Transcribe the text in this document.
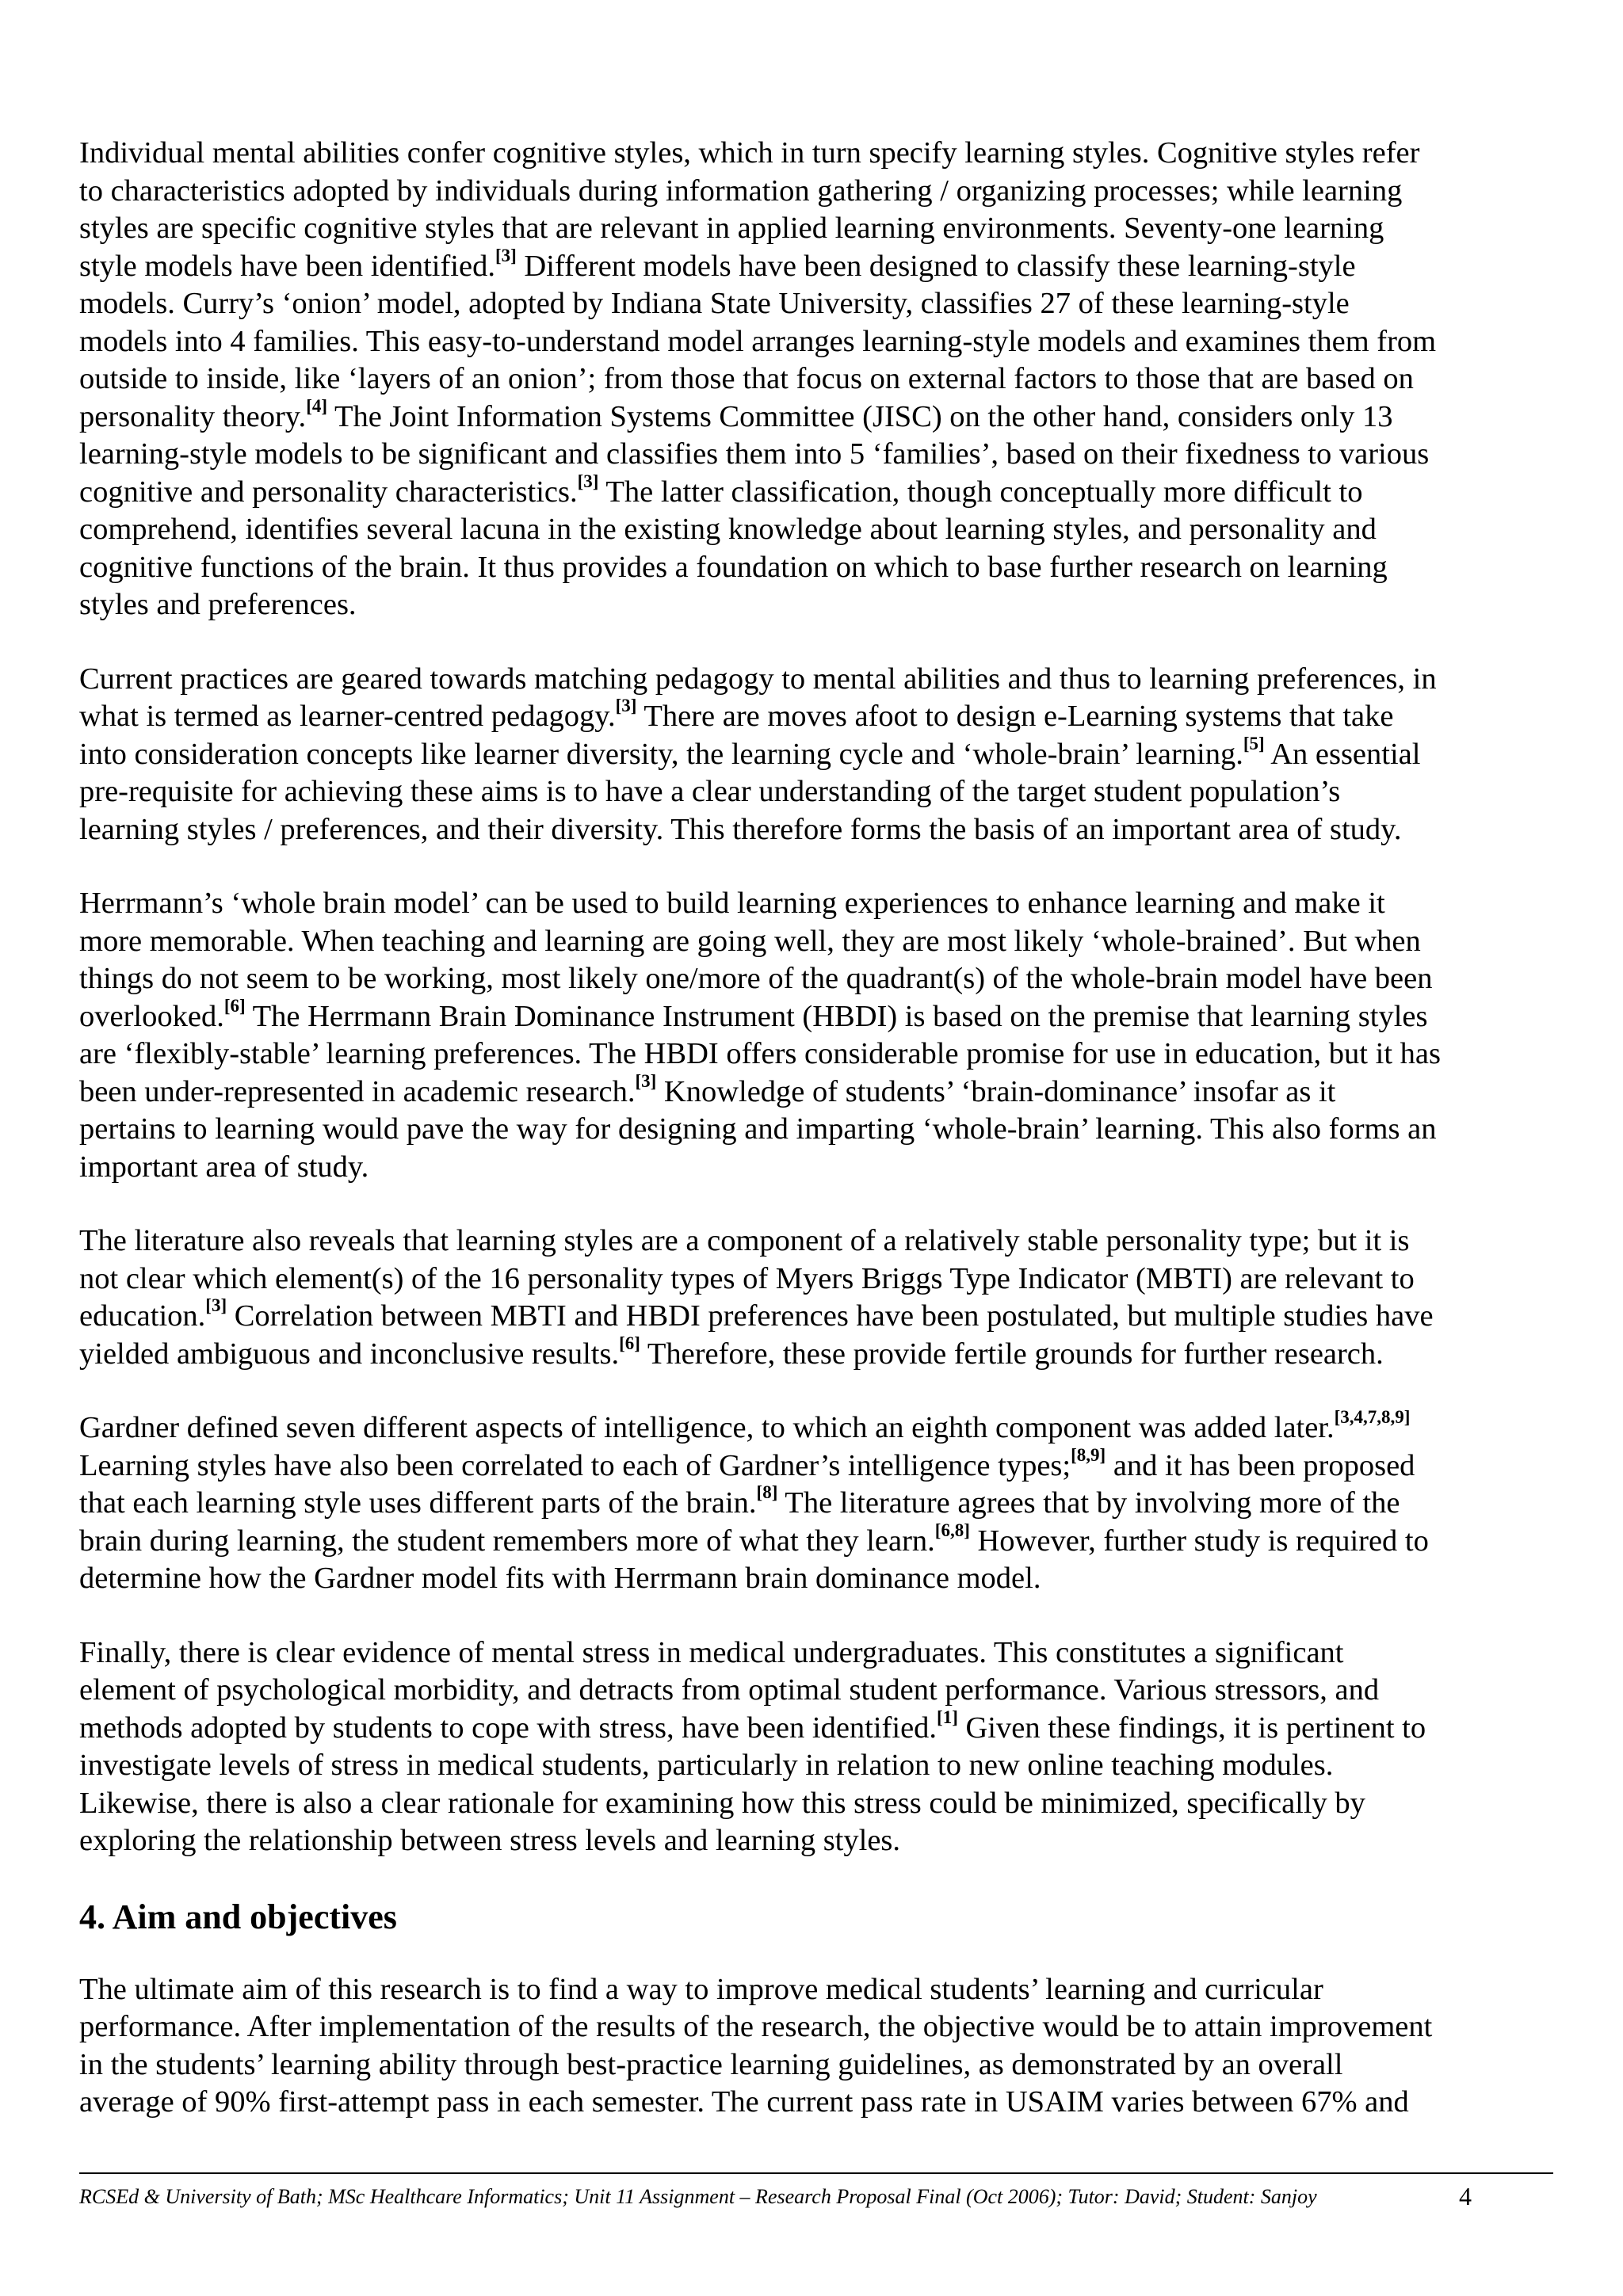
Individual mental abilities confer cognitive styles, which in turn specify learning styles. Cognitive styles refer
to characteristics adopted by individuals during information gathering / organizing processes; while learning
styles are specific cognitive styles that are relevant in applied learning environments. Seventy-one learning
style models have been identified.[3] Different models have been designed to classify these learning-style
models. Curry’s ‘onion’ model, adopted by Indiana State University, classifies 27 of these learning-style
models into 4 families. This easy-to-understand model arranges learning-style models and examines them from
outside to inside, like ‘layers of an onion’; from those that focus on external factors to those that are based on
personality theory.[4] The Joint Information Systems Committee (JISC) on the other hand, considers only 13
learning-style models to be significant and classifies them into 5 ‘families’, based on their fixedness to various
cognitive and personality characteristics.[3] The latter classification, though conceptually more difficult to
comprehend, identifies several lacuna in the existing knowledge about learning styles, and personality and
cognitive functions of the brain. It thus provides a foundation on which to base further research on learning
styles and preferences.
Current practices are geared towards matching pedagogy to mental abilities and thus to learning preferences, in
what is termed as learner-centred pedagogy.[3] There are moves afoot to design e-Learning systems that take
into consideration concepts like learner diversity, the learning cycle and ‘whole-brain’ learning.[5] An essential
pre-requisite for achieving these aims is to have a clear understanding of the target student population’s
learning styles / preferences, and their diversity. This therefore forms the basis of an important area of study.
Herrmann’s ‘whole brain model’ can be used to build learning experiences to enhance learning and make it
more memorable. When teaching and learning are going well, they are most likely ‘whole-brained’. But when
things do not seem to be working, most likely one/more of the quadrant(s) of the whole-brain model have been
overlooked.[6] The Herrmann Brain Dominance Instrument (HBDI) is based on the premise that learning styles
are ‘flexibly-stable’ learning preferences. The HBDI offers considerable promise for use in education, but it has
been under-represented in academic research.[3] Knowledge of students’ ‘brain-dominance’ insofar as it
pertains to learning would pave the way for designing and imparting ‘whole-brain’ learning. This also forms an
important area of study.
The literature also reveals that learning styles are a component of a relatively stable personality type; but it is
not clear which element(s) of the 16 personality types of Myers Briggs Type Indicator (MBTI) are relevant to
education.[3] Correlation between MBTI and HBDI preferences have been postulated, but multiple studies have
yielded ambiguous and inconclusive results.[6] Therefore, these provide fertile grounds for further research.
Gardner defined seven different aspects of intelligence, to which an eighth component was added later.[3,4,7,8,9]
Learning styles have also been correlated to each of Gardner’s intelligence types;[8,9] and it has been proposed
that each learning style uses different parts of the brain.[8] The literature agrees that by involving more of the
brain during learning, the student remembers more of what they learn.[6,8] However, further study is required to
determine how the Gardner model fits with Herrmann brain dominance model.
Finally, there is clear evidence of mental stress in medical undergraduates. This constitutes a significant
element of psychological morbidity, and detracts from optimal student performance. Various stressors, and
methods adopted by students to cope with stress, have been identified.[1] Given these findings, it is pertinent to
investigate levels of stress in medical students, particularly in relation to new online teaching modules.
Likewise, there is also a clear rationale for examining how this stress could be minimized, specifically by
exploring the relationship between stress levels and learning styles.
4. Aim and objectives
The ultimate aim of this research is to find a way to improve medical students’ learning and curricular
performance. After implementation of the results of the research, the objective would be to attain improvement
in the students’ learning ability through best-practice learning guidelines, as demonstrated by an overall
average of 90% first-attempt pass in each semester. The current pass rate in USAIM varies between 67% and
RCSEd & University of Bath; MSc Healthcare Informatics; Unit 11 Assignment – Research Proposal Final (Oct 2006); Tutor: David; Student: Sanjoy	4
